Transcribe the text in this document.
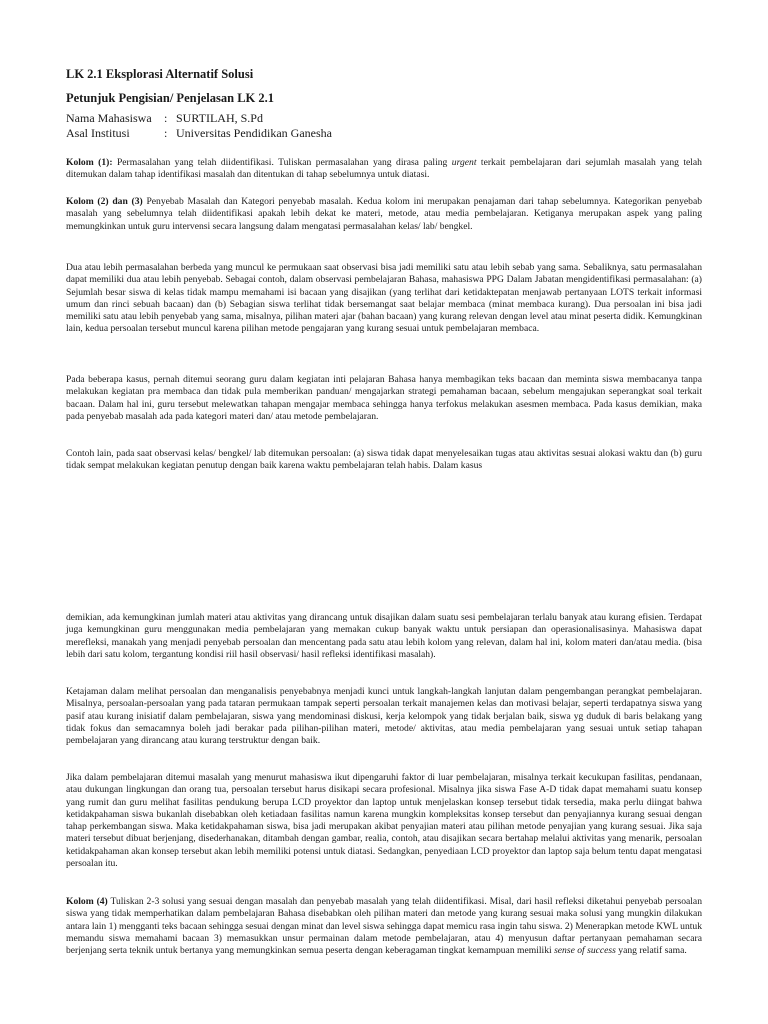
LK 2.1 Eksplorasi Alternatif Solusi
Petunjuk Pengisian/ Penjelasan LK 2.1
Nama Mahasiswa	: SURTILAH, S.Pd
Asal Institusi	: Universitas Pendidikan Ganesha

Kolom (1): Permasalahan yang telah diidentifikasi. Tuliskan permasalahan yang dirasa paling urgent terkait pembelajaran dari sejumlah masalah yang telah ditemukan dalam tahap identifikasi masalah dan ditentukan di tahap sebelumnya untuk diatasi.

Kolom (2) dan (3) Penyebab Masalah dan Kategori penyebab masalah. Kedua kolom ini merupakan penajaman dari tahap sebelumnya. Kategorikan penyebab masalah yang sebelumnya telah diidentifikasi apakah lebih dekat ke materi, metode, atau media pembelajaran. Ketiganya merupakan aspek yang paling memungkinkan untuk guru intervensi secara langsung dalam mengatasi permasalahan kelas/ lab/ bengkel.

Dua atau lebih permasalahan berbeda yang muncul ke permukaan saat observasi bisa jadi memiliki satu atau lebih sebab yang sama. Sebaliknya, satu permasalahan dapat memiliki dua atau lebih penyebab. Sebagai contoh, dalam observasi pembelajaran Bahasa, mahasiswa PPG Dalam Jabatan mengidentifikasi permasalahan: (a) Sejumlah besar siswa di kelas tidak mampu memahami isi bacaan yang disajikan (yang terlihat dari ketidaktepatan menjawab pertanyaan LOTS terkait informasi umum dan rinci sebuah bacaan) dan (b) Sebagian siswa terlihat tidak bersemangat saat belajar membaca (minat membaca kurang). Dua persoalan ini bisa jadi memiliki satu atau lebih penyebab yang sama, misalnya, pilihan materi ajar (bahan bacaan) yang kurang relevan dengan level atau minat peserta didik. Kemungkinan lain, kedua persoalan tersebut muncul karena pilihan metode pengajaran yang kurang sesuai untuk pembelajaran membaca.

Pada beberapa kasus, pernah ditemui seorang guru dalam kegiatan inti pelajaran Bahasa hanya membagikan teks bacaan dan meminta siswa membacanya tanpa melakukan kegiatan pra membaca dan tidak pula memberikan panduan/ mengajarkan strategi pemahaman bacaan, sebelum mengajukan seperangkat soal terkait bacaan. Dalam hal ini, guru tersebut melewatkan tahapan mengajar membaca sehingga hanya terfokus melakukan asesmen membaca. Pada kasus demikian, maka pada penyebab masalah ada pada kategori materi dan/ atau metode pembelajaran.

Contoh lain, pada saat observasi kelas/ bengkel/ lab ditemukan persoalan: (a) siswa tidak dapat menyelesaikan tugas atau aktivitas sesuai alokasi waktu dan (b) guru tidak sempat melakukan kegiatan penutup dengan baik karena waktu pembelajaran telah habis. Dalam kasus

demikian, ada kemungkinan jumlah materi atau aktivitas yang dirancang untuk disajikan dalam suatu sesi pembelajaran terlalu banyak atau kurang efisien. Terdapat juga kemungkinan guru menggunakan media pembelajaran yang memakan cukup banyak waktu untuk persiapan dan operasionalisasinya. Mahasiswa dapat merefleksi, manakah yang menjadi penyebab persoalan dan mencentang pada satu atau lebih kolom yang relevan, dalam hal ini, kolom materi dan/atau media. (bisa lebih dari satu kolom, tergantung kondisi riil hasil observasi/ hasil refleksi identifikasi masalah).

Ketajaman dalam melihat persoalan dan menganalisis penyebabnya menjadi kunci untuk langkah-langkah lanjutan dalam pengembangan perangkat pembelajaran. Misalnya, persoalan-persoalan yang pada tataran permukaan tampak seperti persoalan terkait manajemen kelas dan motivasi belajar, seperti terdapatnya siswa yang pasif atau kurang inisiatif dalam pembelajaran, siswa yang mendominasi diskusi, kerja kelompok yang tidak berjalan baik, siswa yg duduk di baris belakang yang tidak fokus dan semacamnya boleh jadi berakar pada pilihan-pilihan materi, metode/ aktivitas, atau media pembelajaran yang sesuai untuk setiap tahapan pembelajaran yang dirancang atau kurang terstruktur dengan baik.

Jika dalam pembelajaran ditemui masalah yang menurut mahasiswa ikut dipengaruhi faktor di luar pembelajaran, misalnya terkait kecukupan fasilitas, pendanaan, atau dukungan lingkungan dan orang tua, persoalan tersebut harus disikapi secara profesional. Misalnya jika siswa Fase A-D tidak dapat memahami suatu konsep yang rumit dan guru melihat fasilitas pendukung berupa LCD proyektor dan laptop untuk menjelaskan konsep tersebut tidak tersedia, maka perlu diingat bahwa ketidakpahaman siswa bukanlah disebabkan oleh ketiadaan fasilitas namun karena mungkin kompleksitas konsep tersebut dan penyajiannya kurang sesuai dengan tahap perkembangan siswa. Maka ketidakpahaman siswa, bisa jadi merupakan akibat penyajian materi atau pilihan metode penyajian yang kurang sesuai. Jika saja materi tersebut dibuat berjenjang, disederhanakan, ditambah dengan gambar, realia, contoh, atau disajikan secara bertahap melalui aktivitas yang menarik, persoalan ketidakpahaman akan konsep tersebut akan lebih memiliki potensi untuk diatasi. Sedangkan, penyediaan LCD proyektor dan laptop saja belum tentu dapat mengatasi persoalan itu.

Kolom (4) Tuliskan 2-3 solusi yang sesuai dengan masalah dan penyebab masalah yang telah diidentifikasi. Misal, dari hasil refleksi diketahui penyebab persoalan siswa yang tidak memperhatikan dalam pembelajaran Bahasa disebabkan oleh pilihan materi dan metode yang kurang sesuai maka solusi yang mungkin dilakukan antara lain 1) mengganti teks bacaan sehingga sesuai dengan minat dan level siswa sehingga dapat memicu rasa ingin tahu siswa. 2) Menerapkan metode KWL untuk memandu siswa memahami bacaan 3) memasukkan unsur permainan dalam metode pembelajaran, atau 4) menyusun daftar pertanyaan pemahaman secara berjenjang serta teknik untuk bertanya yang memungkinkan semua peserta dengan keberagaman tingkat kemampuan memiliki sense of success yang relatif sama.
